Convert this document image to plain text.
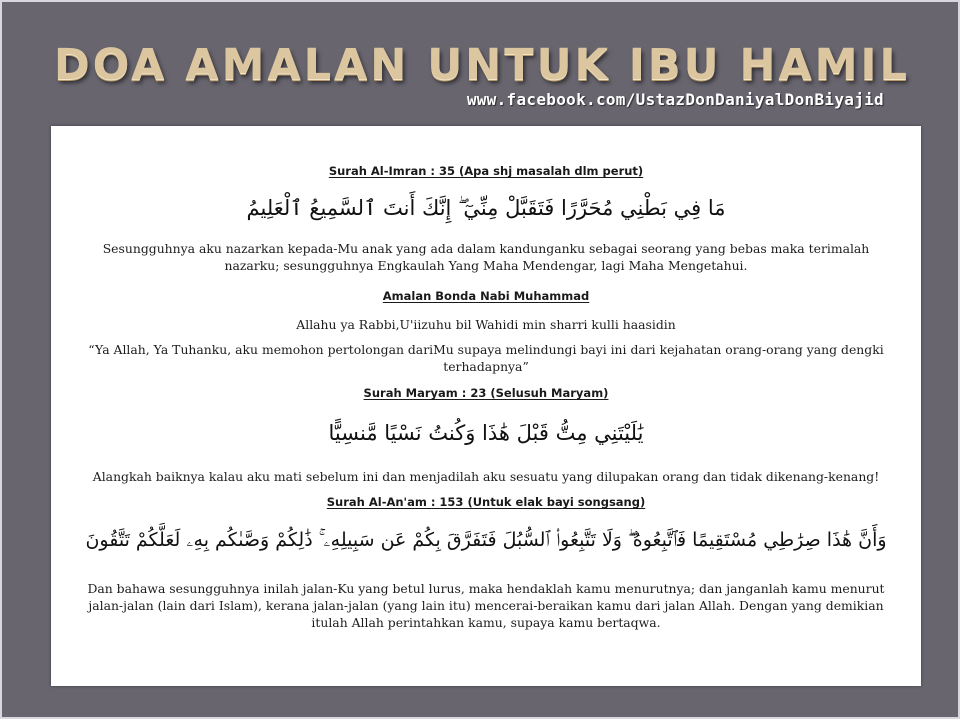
DOA AMALAN UNTUK IBU HAMIL
www.facebook.com/UstazDonDaniyalDonBiyajid
Surah Al-Imran : 35 (Apa shj masalah dlm perut)
مَا فِي بَطْنِي مُحَرَّرًا فَتَقَبَّلْ مِنِّيٓ ۖ إِنَّكَ أَنتَ ٱلسَّمِيعُ ٱلْعَلِيمُ
Sesungguhnya aku nazarkan kepada-Mu anak yang ada dalam kandunganku sebagai seorang yang bebas maka terimalah nazarku; sesungguhnya Engkaulah Yang Maha Mendengar, lagi Maha Mengetahui.
Amalan Bonda Nabi Muhammad
Allahu ya Rabbi,U'iizuhu bil Wahidi min sharri kulli haasidin
“Ya Allah, Ya Tuhanku, aku memohon pertolongan dariMu supaya melindungi bayi ini dari kejahatan orang-orang yang dengki terhadapnya”
Surah Maryam : 23 (Selusuh Maryam)
يَٰلَيْتَنِي مِتُّ قَبْلَ هَٰذَا وَكُنتُ نَسْيًا مَّنسِيًّا
Alangkah baiknya kalau aku mati sebelum ini dan menjadilah aku sesuatu yang dilupakan orang dan tidak dikenang-kenang!
Surah Al-An'am : 153 (Untuk elak bayi songsang)
وَأَنَّ هَٰذَا صِرَٰطِي مُسْتَقِيمًا فَٱتَّبِعُوهُ ۖ وَلَا تَتَّبِعُوا۟ ٱلسُّبُلَ فَتَفَرَّقَ بِكُمْ عَن سَبِيلِهِۦ ۚ ذَٰلِكُمْ وَصَّىٰكُم بِهِۦ لَعَلَّكُمْ تَتَّقُونَ
Dan bahawa sesungguhnya inilah jalan-Ku yang betul lurus, maka hendaklah kamu menurutnya; dan janganlah kamu menurut jalan-jalan (lain dari Islam), kerana jalan-jalan (yang lain itu) mencerai-beraikan kamu dari jalan Allah. Dengan yang demikian itulah Allah perintahkan kamu, supaya kamu bertaqwa.
